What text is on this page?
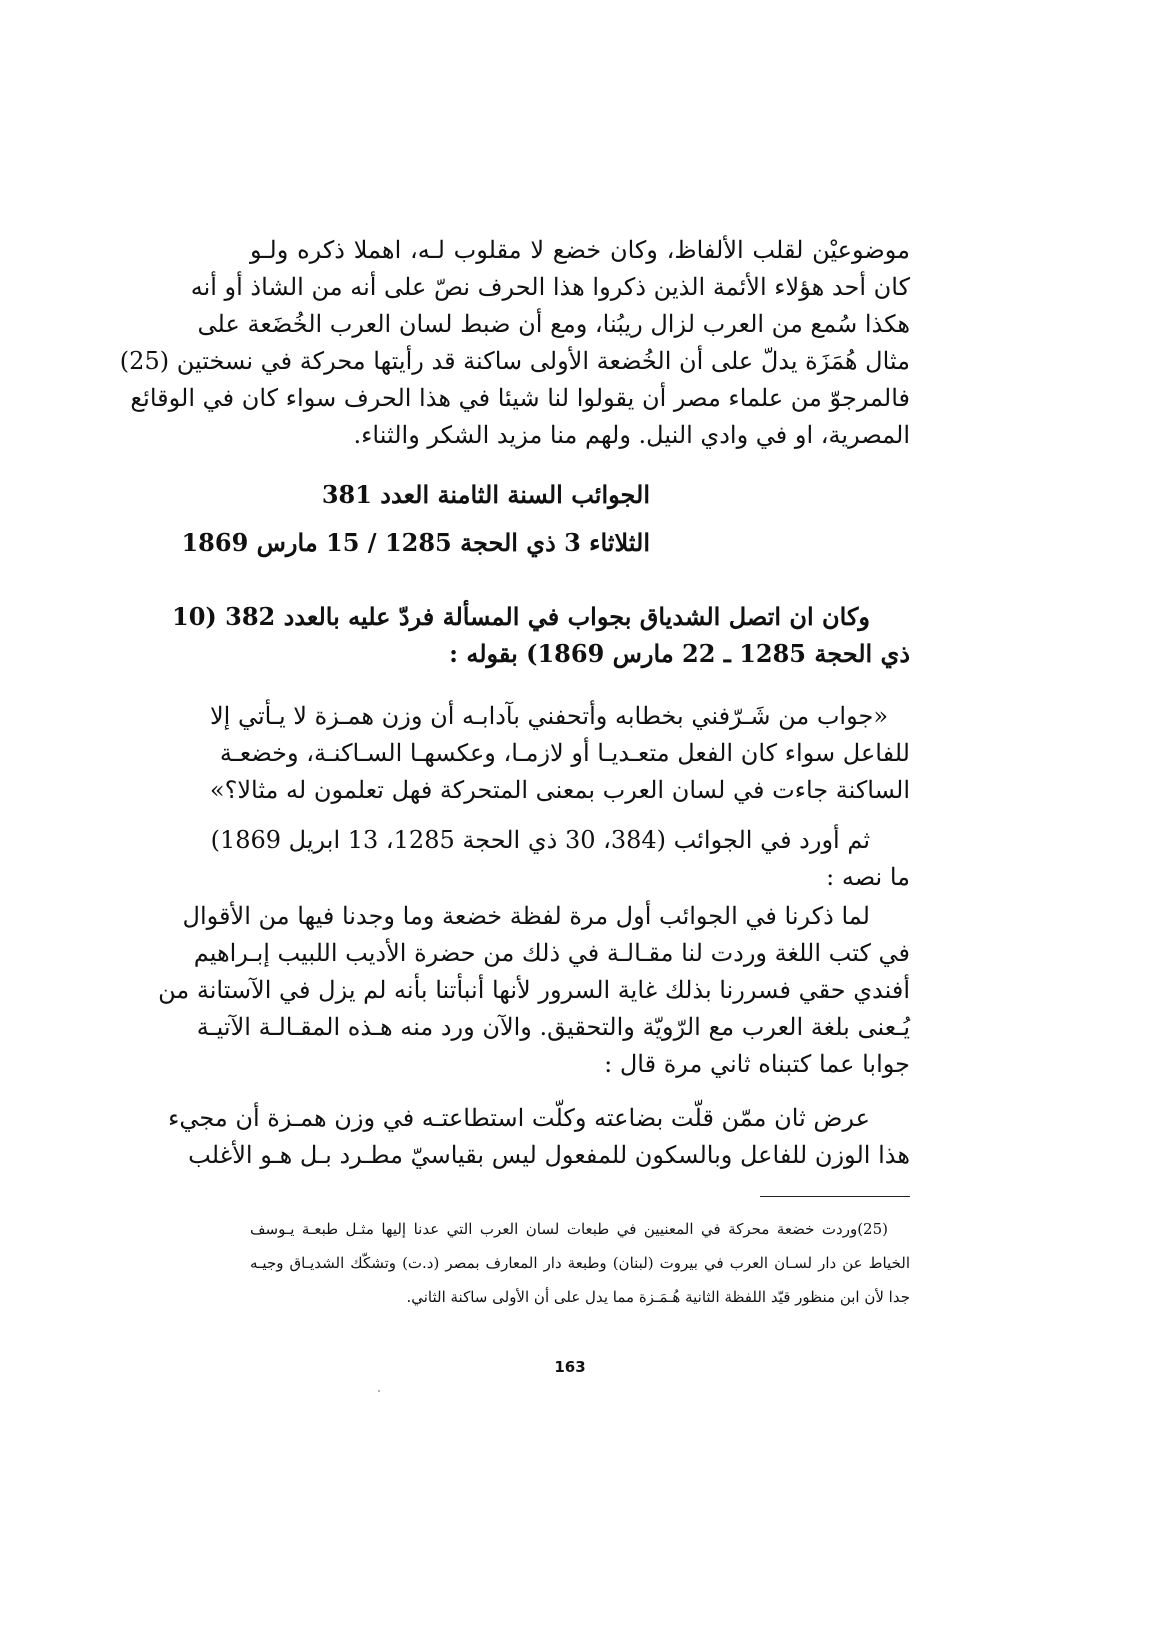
موضوعيْن لقلب الألفاظ، وكان خضع لا مقلوب لـه، اهملا ذكره ولـو
كان أحد هؤلاء الأئمة الذين ذكروا هذا الحرف نصّ على أنه من الشاذ أو أنه
هكذا سُمع من العرب لزال ريبُنا، ومع أن ضبط لسان العرب الخُضَعة على
مثال هُمَزَة يدلّ على أن الخُضعة الأولى ساكنة قد رأيتها محركة في نسختين (25)
فالمرجوّ من علماء مصر أن يقولوا لنا شيئا في هذا الحرف سواء كان في الوقائع
المصرية، او في وادي النيل. ولهم منا مزيد الشكر والثناء.
الجوائب السنة الثامنة العدد 381
الثلاثاء 3 ذي الحجة 1285 / 15 مارس 1869
وكان ان اتصل الشدياق بجواب في المسألة فردّ عليه بالعدد 382 (10
ذي الحجة 1285 ـ 22 مارس 1869) بقوله :
«جواب من شَـرّفني بخطابه وأتحفني بآدابـه أن وزن همـزة لا يـأتي إلا
للفاعل سواء كان الفعل متعـديـا أو لازمـا، وعكسهـا السـاكنـة، وخضعـة
الساكنة جاءت في لسان العرب بمعنى المتحركة فهل تعلمون له مثالا؟»
ثم أورد في الجوائب (384، 30 ذي الحجة 1285، 13 ابريل 1869)
ما نصه :
لما ذكرنا في الجوائب أول مرة لفظة خضعة وما وجدنا فيها من الأقوال
في كتب اللغة وردت لنا مقـالـة في ذلك من حضرة الأديب اللبيب إبـراهيم
أفندي حقي فسررنا بذلك غاية السرور لأنها أنبأتنا بأنه لم يزل في الآستانة من
يُـعنى بلغة العرب مع الرّويّة والتحقيق. والآن ورد منه هـذه المقـالـة الآتيـة
جوابا عما كتبناه ثاني مرة قال :
عرض ثان ممّن قلّت بضاعته وكلّت استطاعتـه في وزن همـزة أن مجيء
هذا الوزن للفاعل وبالسكون للمفعول ليس بقياسيّ مطـرد بـل هـو الأغلب
(25)وردت خضعة محركة في المعنيين في طبعات لسان العرب التي عدنا إليها مثـل طبعـة يـوسف
الخياط عن دار لسـان العرب في بيروت (لبنان) وطبعة دار المعارف بمصر (د.ت) وتشكّك الشديـاق وجيـه
جدا لأن ابن منظور قيّد اللفظة الثانية هُـمَـزة مما يدل على أن الأولى ساكنة الثاني.
163
